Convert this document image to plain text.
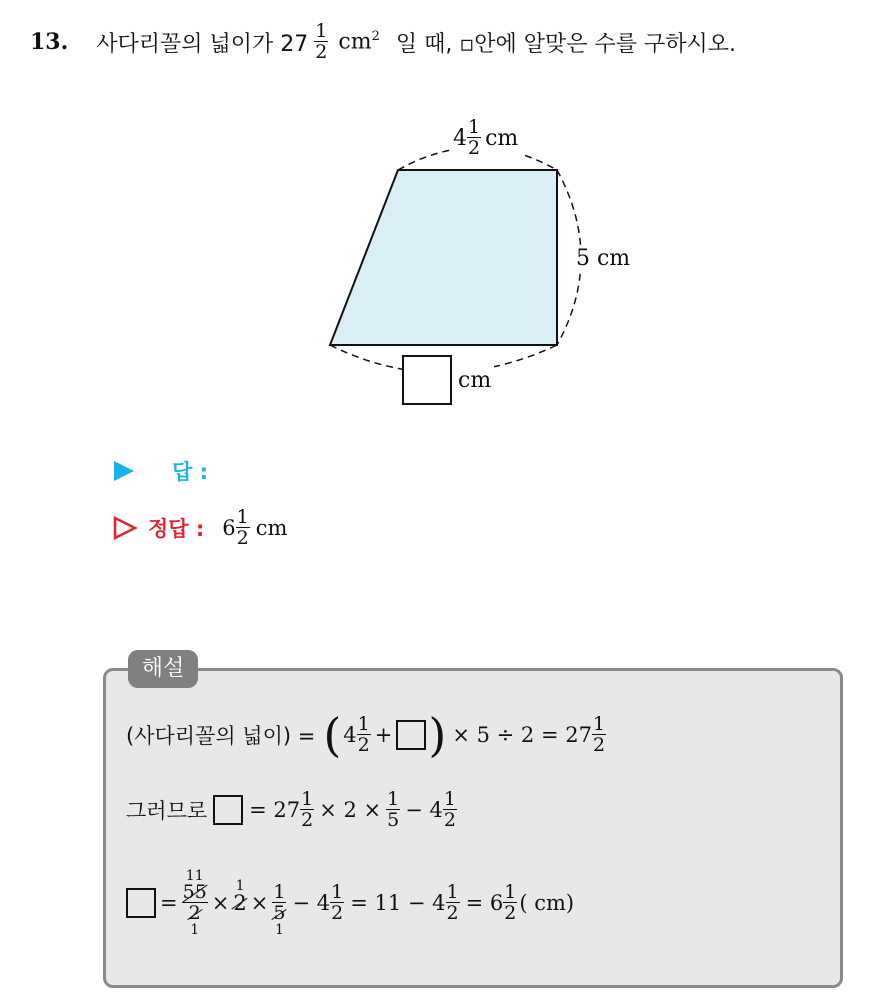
13. 사다리꼴의 넓이가 $27 \frac{1}{2} cm^2$ 일 때, ▫안에 알맞은 수를 구하시오.
$4 \frac{1}{2}$ cm
5 cm
cm
답 :
정답 : $6 \frac{1}{2}$ cm
해설
(사다리꼴의 넓이) = ( $4 \frac{1}{2}$ + ) × $5 \div 2 = 27 \frac{1}{2}$
그러므로 = $27 \frac{1}{2} \times 2 \times \frac{1}{5} - 4 \frac{1}{2}$
=
11
$\frac{55}{2}$
1
×
1
$2 \times \frac{1}{5}$
1
− $4 \frac{1}{2} = 11 - 4 \frac{1}{2} = 6 \frac{1}{2}$ ( cm)
